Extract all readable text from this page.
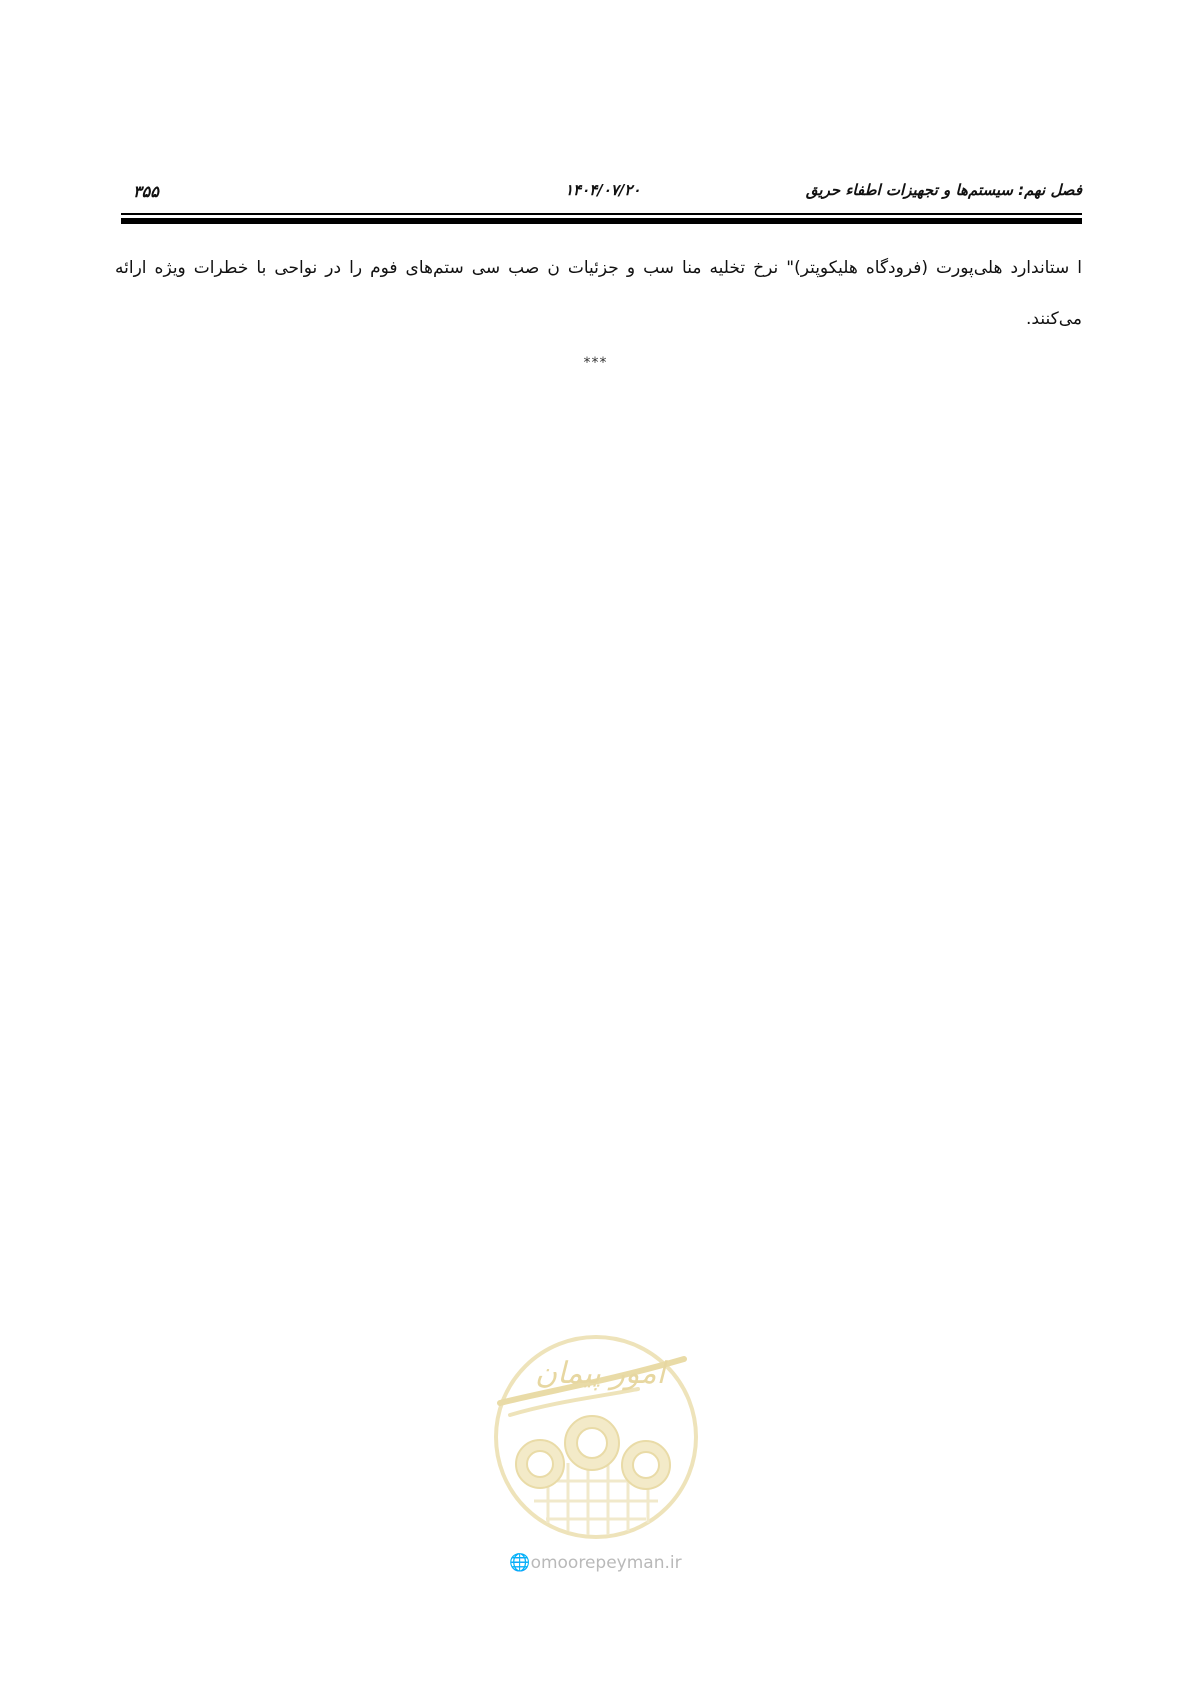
فصل نهم: سیستم‌ها و تجهیزات اطفاء حریق
۱۴۰۴/۰۷/۲۰
۳۵۵

ا ستاندارد هلی‌پورت (فرودگاه هلیکوپتر)" نرخ تخلیه منا سب و جزئیات ن صب سی ستم‌های فوم را در نواحی با خطرات ویژه ارائه می‌کنند.

***
امور پیمان
🌐omoorepeyman.ir
